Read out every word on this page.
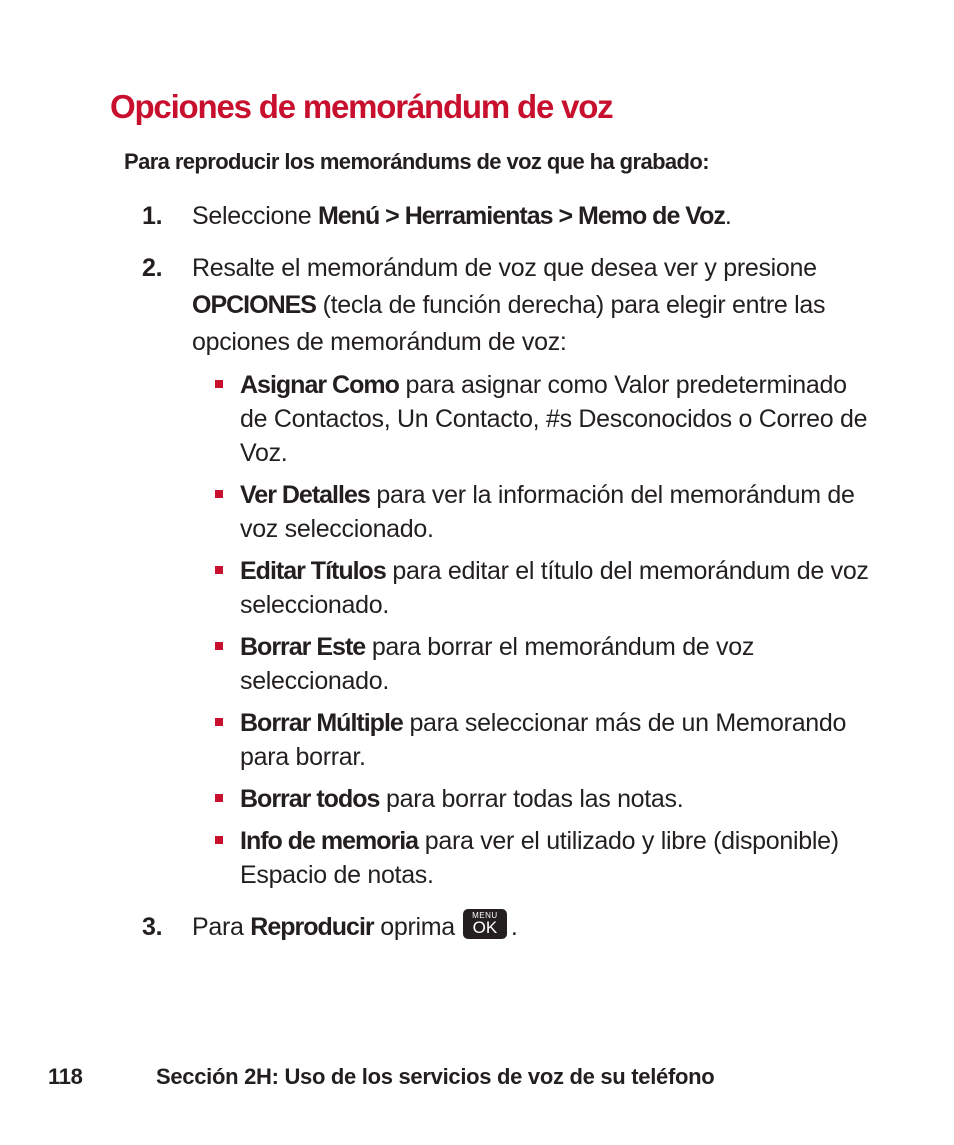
Opciones de memorándum de voz

Para reproducir los memorándums de voz que ha grabado:

1. Seleccione Menú > Herramientas > Memo de Voz.
2. Resalte el memorándum de voz que desea ver y presione OPCIONES (tecla de función derecha) para elegir entre las opciones de memorándum de voz:
Asignar Como para asignar como Valor predeterminado de Contactos, Un Contacto, #s Desconocidos o Correo de Voz.
Ver Detalles para ver la información del memorándum de voz seleccionado.
Editar Títulos para editar el título del memorándum de voz seleccionado.
Borrar Este para borrar el memorándum de voz seleccionado.
Borrar Múltiple para seleccionar más de un Memorando para borrar.
Borrar todos para borrar todas las notas.
Info de memoria para ver el utilizado y libre (disponible) Espacio de notas.
3. Para Reproducir oprima	MENU
OK .
118	Sección 2H: Uso de los servicios de voz de su teléfono
